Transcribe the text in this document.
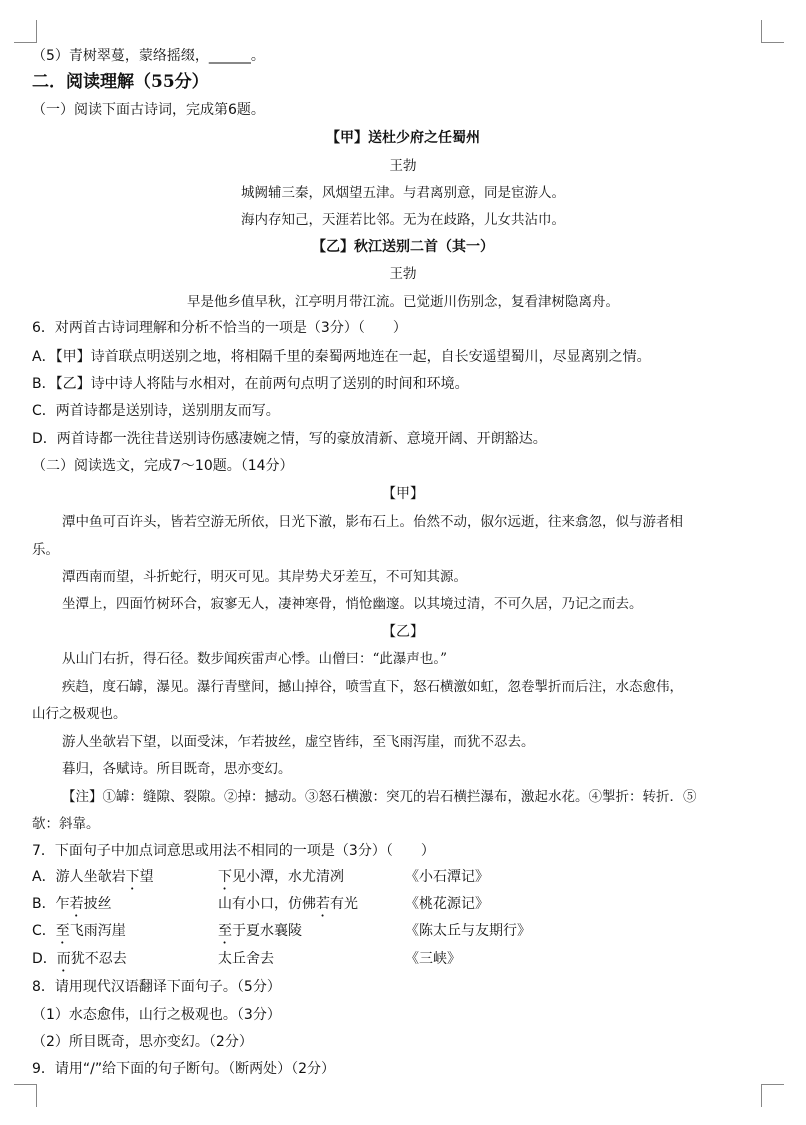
（5）青树翠蔓，蒙络摇缀，______。
二．阅读理解（55分）
（一）阅读下面古诗词，完成第6题。
【甲】送杜少府之任蜀州
王勃
城阙辅三秦，风烟望五津。与君离别意，同是宦游人。
海内存知己，天涯若比邻。无为在歧路，儿女共沾巾。
【乙】秋江送别二首（其一）
王勃
早是他乡值早秋，江亭明月带江流。已觉逝川伤别念，复看津树隐离舟。
6．对两首古诗词理解和分析不恰当的一项是（3分）（　　）
A．【甲】诗首联点明送别之地，将相隔千里的秦蜀两地连在一起，自长安遥望蜀川，尽显离别之情。
B．【乙】诗中诗人将陆与水相对，在前两句点明了送别的时间和环境。
C．两首诗都是送别诗，送别朋友而写。
D．两首诗都一洗往昔送别诗伤感凄婉之情，写的豪放清新、意境开阔、开朗豁达。
（二）阅读选文，完成7～10题。（14分）
【甲】
潭中鱼可百许头，皆若空游无所依，日光下澈，影布石上。佁然不动，俶尔远逝，往来翕忽，似与游者相
乐。
潭西南而望，斗折蛇行，明灭可见。其岸势犬牙差互，不可知其源。
坐潭上，四面竹树环合，寂寥无人，凄神寒骨，悄怆幽邃。以其境过清，不可久居，乃记之而去。
【乙】
从山门右折，得石径。数步闻疾雷声心悸。山僧曰：“此瀑声也。”
疾趋，度石罅，瀑见。瀑行青壁间，撼山掉谷，喷雪直下，怒石横激如虹，忽卷掣折而后注，水态愈伟，
山行之极观也。
游人坐欹岩下望，以面受沫，乍若披丝，虚空皆纬，至飞雨泻崖，而犹不忍去。
暮归，各赋诗。所目既奇，思亦变幻。
【注】①罅：缝隙、裂隙。②掉：撼动。③怒石横激：突兀的岩石横拦瀑布，激起水花。④掣折：转折．⑤
欹：斜靠。
7．下面句子中加点词意思或用法不相同的一项是（3分）（　　）
A．游人坐欹岩下望	下见小潭，水尤清冽	《小石潭记》
B．乍若披丝	山有小口，仿佛若有光	《桃花源记》
C．至飞雨泻崖	至于夏水襄陵	《陈太丘与友期行》
D．而犹不忍去	太丘舍去	《三峡》
8．请用现代汉语翻译下面句子。（5分）
（1）水态愈伟，山行之极观也。（3分）
（2）所目既奇，思亦变幻。（2分）
9．请用“/”给下面的句子断句。（断两处）（2分）
